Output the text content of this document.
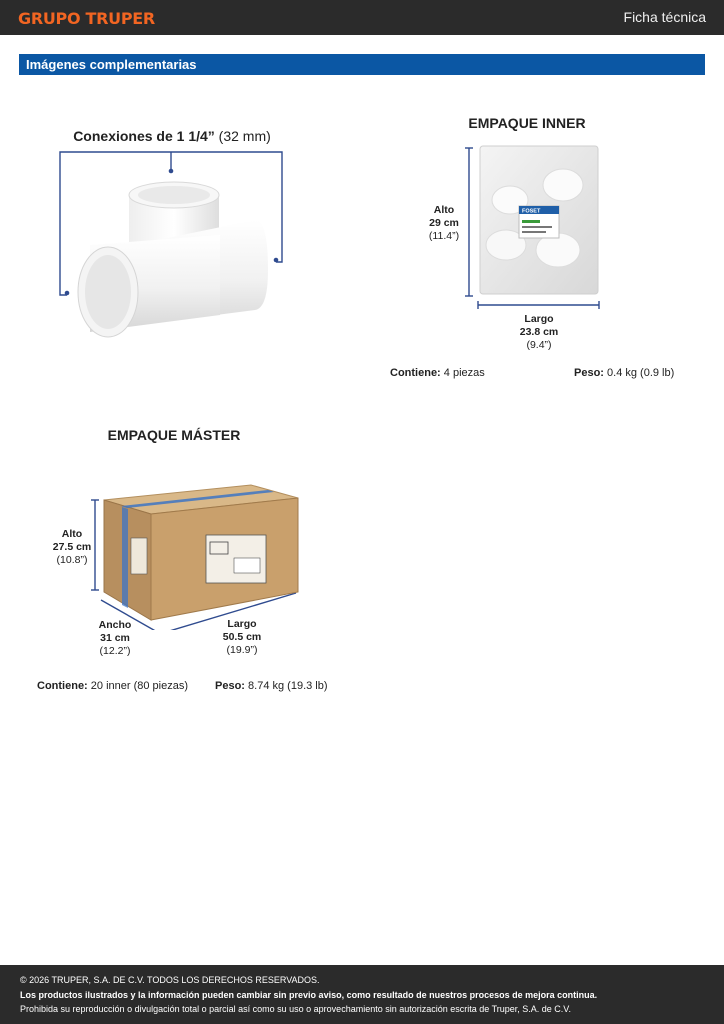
GRUPO TRUPER	Ficha técnica
Imágenes complementarias
Conexiones de 1 1/4” (32 mm)
EMPAQUE INNER
FOSET
Alto
29 cm
(11.4”)
Largo
23.8 cm
(9.4”)
Contiene: 4 piezas	Peso: 0.4 kg (0.9 lb)
EMPAQUE MÁSTER
Alto
27.5 cm
(10.8”)
Ancho
31 cm
(12.2”)
Largo
50.5 cm
(19.9”)
Contiene: 20 inner (80 piezas) Peso: 8.74 kg (19.3 lb)
© 2026 TRUPER, S.A. DE C.V. TODOS LOS DERECHOS RESERVADOS.
Los productos ilustrados y la información pueden cambiar sin previo aviso, como resultado de nuestros procesos de mejora continua.
Prohibida su reproducción o divulgación total o parcial así como su uso o aprovechamiento sin autorización escrita de Truper, S.A. de C.V.
